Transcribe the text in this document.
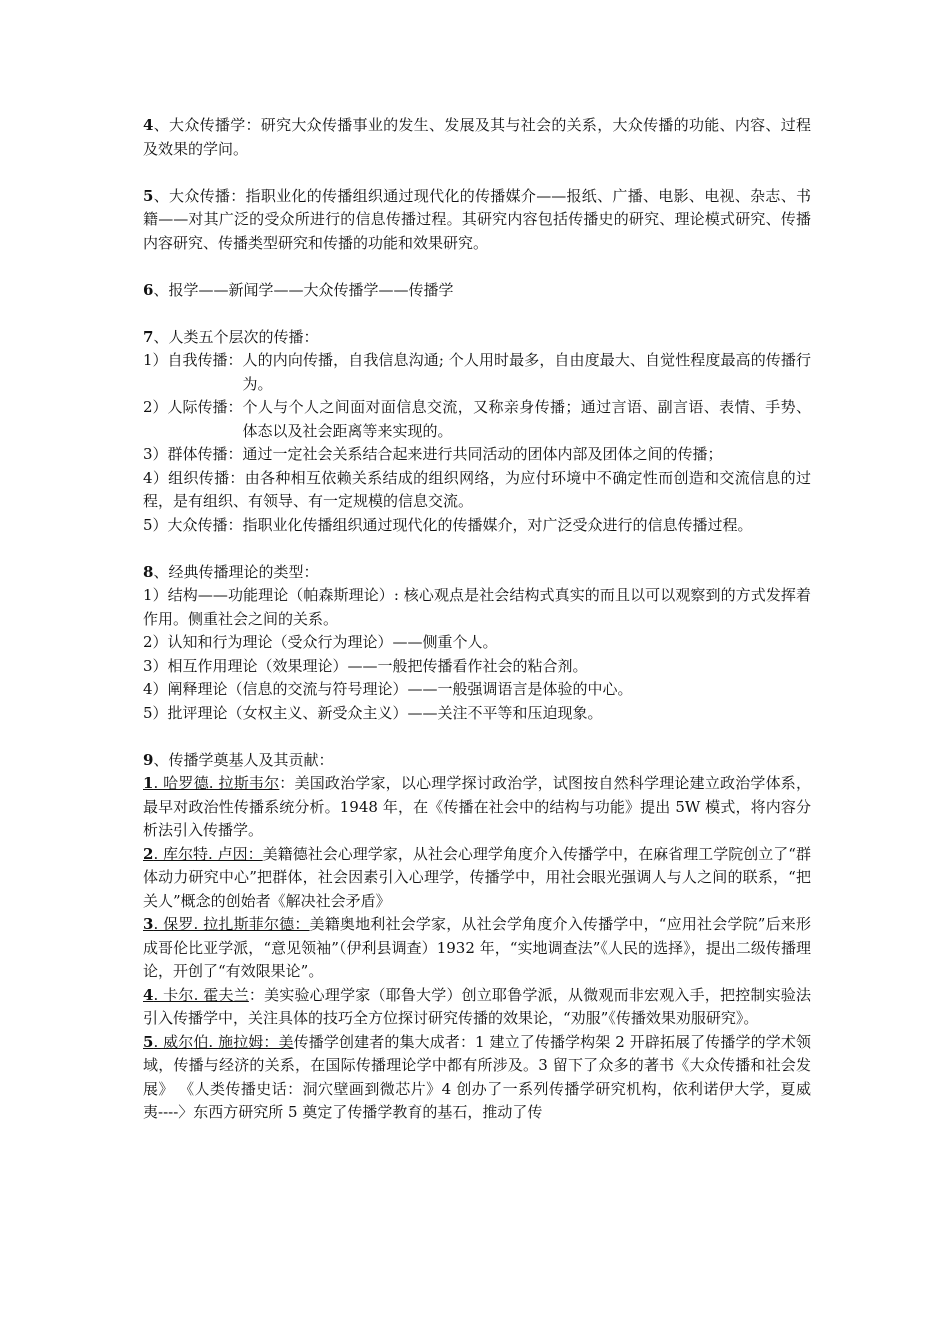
4、大众传播学：研究大众传播事业的发生、发展及其与社会的关系，大众传播的功能、内容、过程及效果的学问。

5、大众传播：指职业化的传播组织通过现代化的传播媒介——报纸、广播、电影、电视、杂志、书籍——对其广泛的受众所进行的信息传播过程。其研究内容包括传播史的研究、理论模式研究、传播内容研究、传播类型研究和传播的功能和效果研究。

6、报学——新闻学——大众传播学——传播学

7、人类五个层次的传播：

1）自我传播： 人的内向传播，自我信息沟通; 个人用时最多，自由度最大、自觉性程度最高的传播行为。
2）人际传播： 个人与个人之间面对面信息交流，又称亲身传播；通过言语、副言语、表情、手势、体态以及社会距离等来实现的。
3）群体传播： 通过一定社会关系结合起来进行共同活动的团体内部及团体之间的传播；

4）组织传播：由各种相互依赖关系结成的组织网络，为应付环境中不确定性而创造和交流信息的过程，是有组织、有领导、有一定规模的信息交流。

5）大众传播：指职业化传播组织通过现代化的传播媒介，对广泛受众进行的信息传播过程。

8、经典传播理论的类型：

1）结构——功能理论（帕森斯理论）: 核心观点是社会结构式真实的而且以可以观察到的方式发挥着作用。侧重社会之间的关系。

2）认知和行为理论（受众行为理论）——侧重个人。

3）相互作用理论（效果理论）——一般把传播看作社会的粘合剂。

4）阐释理论（信息的交流与符号理论）——一般强调语言是体验的中心。

5）批评理论（女权主义、新受众主义）——关注不平等和压迫现象。

9、传播学奠基人及其贡献：

1. 哈罗德. 拉斯韦尔：美国政治学家，以心理学探讨政治学，试图按自然科学理论建立政治学体系，最早对政治性传播系统分析。1948 年，在《传播在社会中的结构与功能》提出 5W 模式，将内容分析法引入传播学。

2. 库尔特. 卢因：美籍德社会心理学家，从社会心理学角度介入传播学中，在麻省理工学院创立了“群体动力研究中心”把群体，社会因素引入心理学，传播学中，用社会眼光强调人与人之间的联系，“把关人”概念的创始者《解决社会矛盾》

3. 保罗. 拉扎斯菲尔德：美籍奥地利社会学家，从社会学角度介入传播学中，“应用社会学院”后来形成哥伦比亚学派，“意见领袖”（伊利县调查）1932 年，“实地调查法”《人民的选择》，提出二级传播理论，开创了“有效限果论”。

4. 卡尔. 霍夫兰：美实验心理学家（耶鲁大学）创立耶鲁学派，从微观而非宏观入手，把控制实验法引入传播学中，关注具体的技巧全方位探讨研究传播的效果论，“劝服”《传播效果劝服研究》。

5. 威尔伯. 施拉姆：美传播学创建者的集大成者：1 建立了传播学构架 2 开辟拓展了传播学的学术领域，传播与经济的关系，在国际传播理论学中都有所涉及。3 留下了众多的著书《大众传播和社会发展》 《人类传播史话：洞穴壁画到微芯片》4 创办了一系列传播学研究机构，依利诺伊大学，夏威夷----〉东西方研究所 5 奠定了传播学教育的基石，推动了传
